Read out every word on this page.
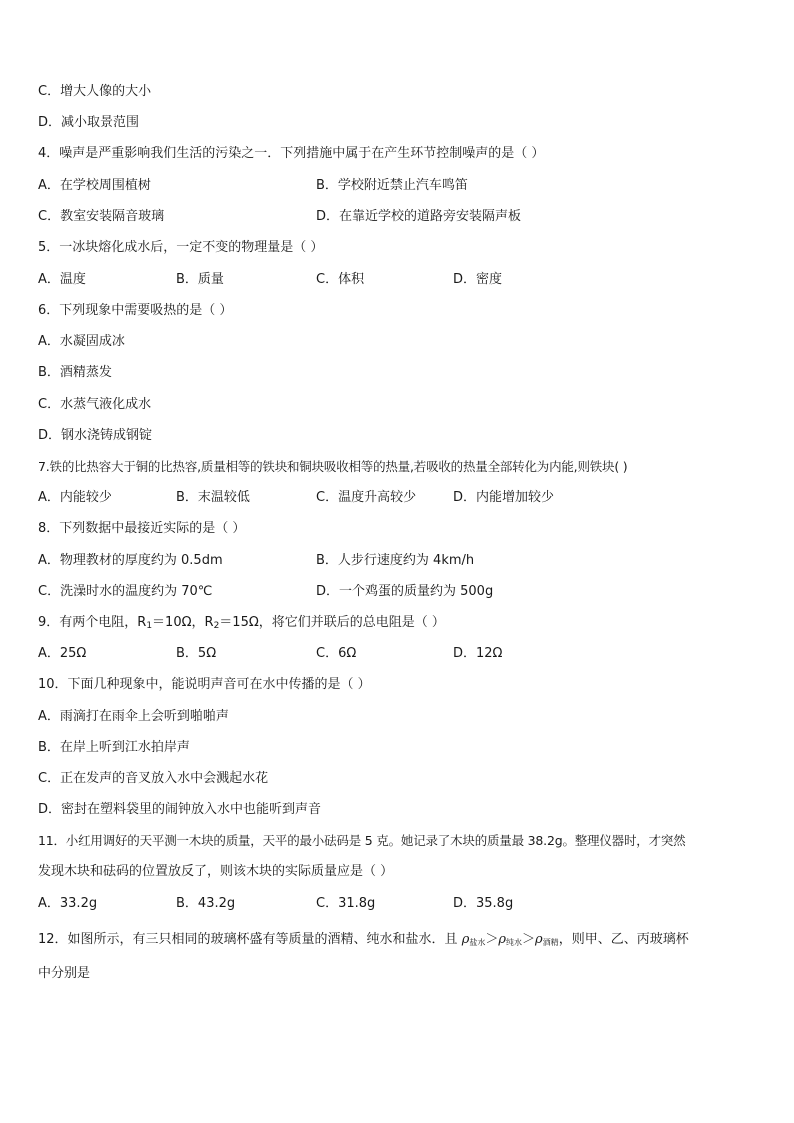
C．增大人像的大小
D．减小取景范围
4．噪声是严重影响我们生活的污染之一．下列措施中属于在产生环节控制噪声的是（ ）
A．在学校周围植树	B．学校附近禁止汽车鸣笛
C．教室安装隔音玻璃	D．在靠近学校的道路旁安装隔声板
5．一冰块熔化成水后，一定不变的物理量是（ ）
A．温度	B．质量	C．体积	D．密度
6．下列现象中需要吸热的是（ ）
A．水凝固成冰
B．酒精蒸发
C．水蒸气液化成水
D．钢水浇铸成钢锭
7.铁的比热容大于铜的比热容,质量相等的铁块和铜块吸收相等的热量,若吸收的热量全部转化为内能,则铁块( )
A．内能较少	B．末温较低	C．温度升高较少	D．内能增加较少
8．下列数据中最接近实际的是（ ）
A．物理教材的厚度约为 0.5dm	B．人步行速度约为 4km/h
C．洗澡时水的温度约为 70℃	D．一个鸡蛋的质量约为 500g
9．有两个电阻，$R_1=10\Omega$，$R_2=15\Omega$，将它们并联后的总电阻是（ ）
A．25Ω	B．5Ω	C．6Ω	D．12Ω
10．下面几种现象中，能说明声音可在水中传播的是（ ）
A．雨滴打在雨伞上会听到啪啪声
B．在岸上听到江水拍岸声
C．正在发声的音叉放入水中会溅起水花
D．密封在塑料袋里的闹钟放入水中也能听到声音
11．小红用调好的天平测一木块的质量，天平的最小砝码是 5 克。她记录了木块的质量最 38.2g。整理仪器时，才突然
发现木块和砝码的位置放反了，则该木块的实际质量应是（ ）
A．33.2g	B．43.2g	C．31.8g	D．35.8g
12．如图所示，有三只相同的玻璃杯盛有等质量的酒精、纯水和盐水．且 $\rho_{盐水}>\rho_{纯水}>\rho_{酒精}$，则甲、乙、丙玻璃杯
中分别是
